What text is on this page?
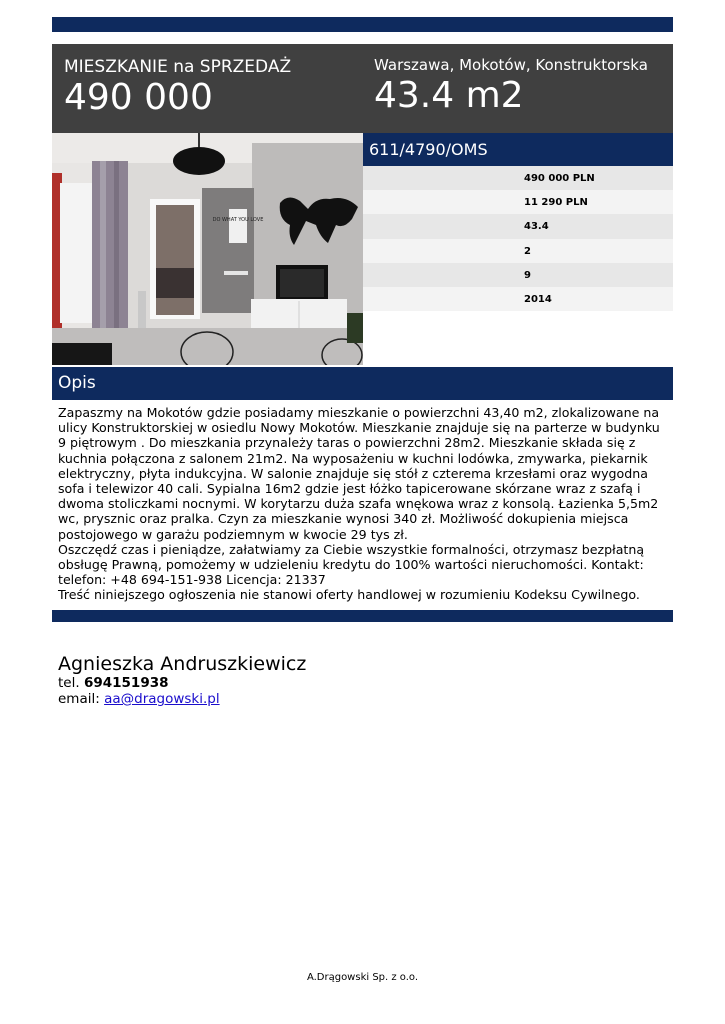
MIESZKANIE na SPRZEDAŻ
490 000
Warszawa, Mokotów, Konstruktorska
43.4 m2
DO WHAT YOU LOVE
611/4790/OMS
490 000 PLN
11 290 PLN
43.4
2
9
2014
Opis

Zapaszmy na Mokotów gdzie posiadamy mieszkanie o powierzchni 43,40 m2, zlokalizowane na ulicy Konstruktorskiej w osiedlu Nowy Mokotów. Mieszkanie znajduje się na parterze w budynku 9 piętrowym . Do mieszkania przynależy taras o powierzchni 28m2. Mieszkanie składa się z kuchnia połączona z salonem 21m2. Na wyposażeniu w kuchni lodówka, zmywarka, piekarnik elektryczny, płyta indukcyjna. W salonie znajduje się stół z czterema krzesłami oraz wygodna sofa i telewizor 40 cali. Sypialna 16m2 gdzie jest łóżko tapicerowane skórzane wraz z szafą i dwoma stoliczkami nocnymi. W korytarzu duża szafa wnękowa wraz z konsolą. Łazienka 5,5m2 wc, prysznic oraz pralka. Czyn za mieszkanie wynosi 340 zł. Możliwość dokupienia miejsca postojowego w garażu podziemnym w kwocie 29 tys zł.

Oszczędź czas i pieniądze, załatwiamy za Ciebie wszystkie formalności, otrzymasz bezpłatną obsługę Prawną, pomożemy w udzieleniu kredytu do 100% wartości nieruchomości. Kontakt: telefon: +48 694-151-938 Licencja: 21337

Treść niniejszego ogłoszenia nie stanowi oferty handlowej w rozumieniu Kodeksu Cywilnego.

Agnieszka Andruszkiewicz
tel. 694151938
email: aa@dragowski.pl
A.Drągowski Sp. z o.o.
